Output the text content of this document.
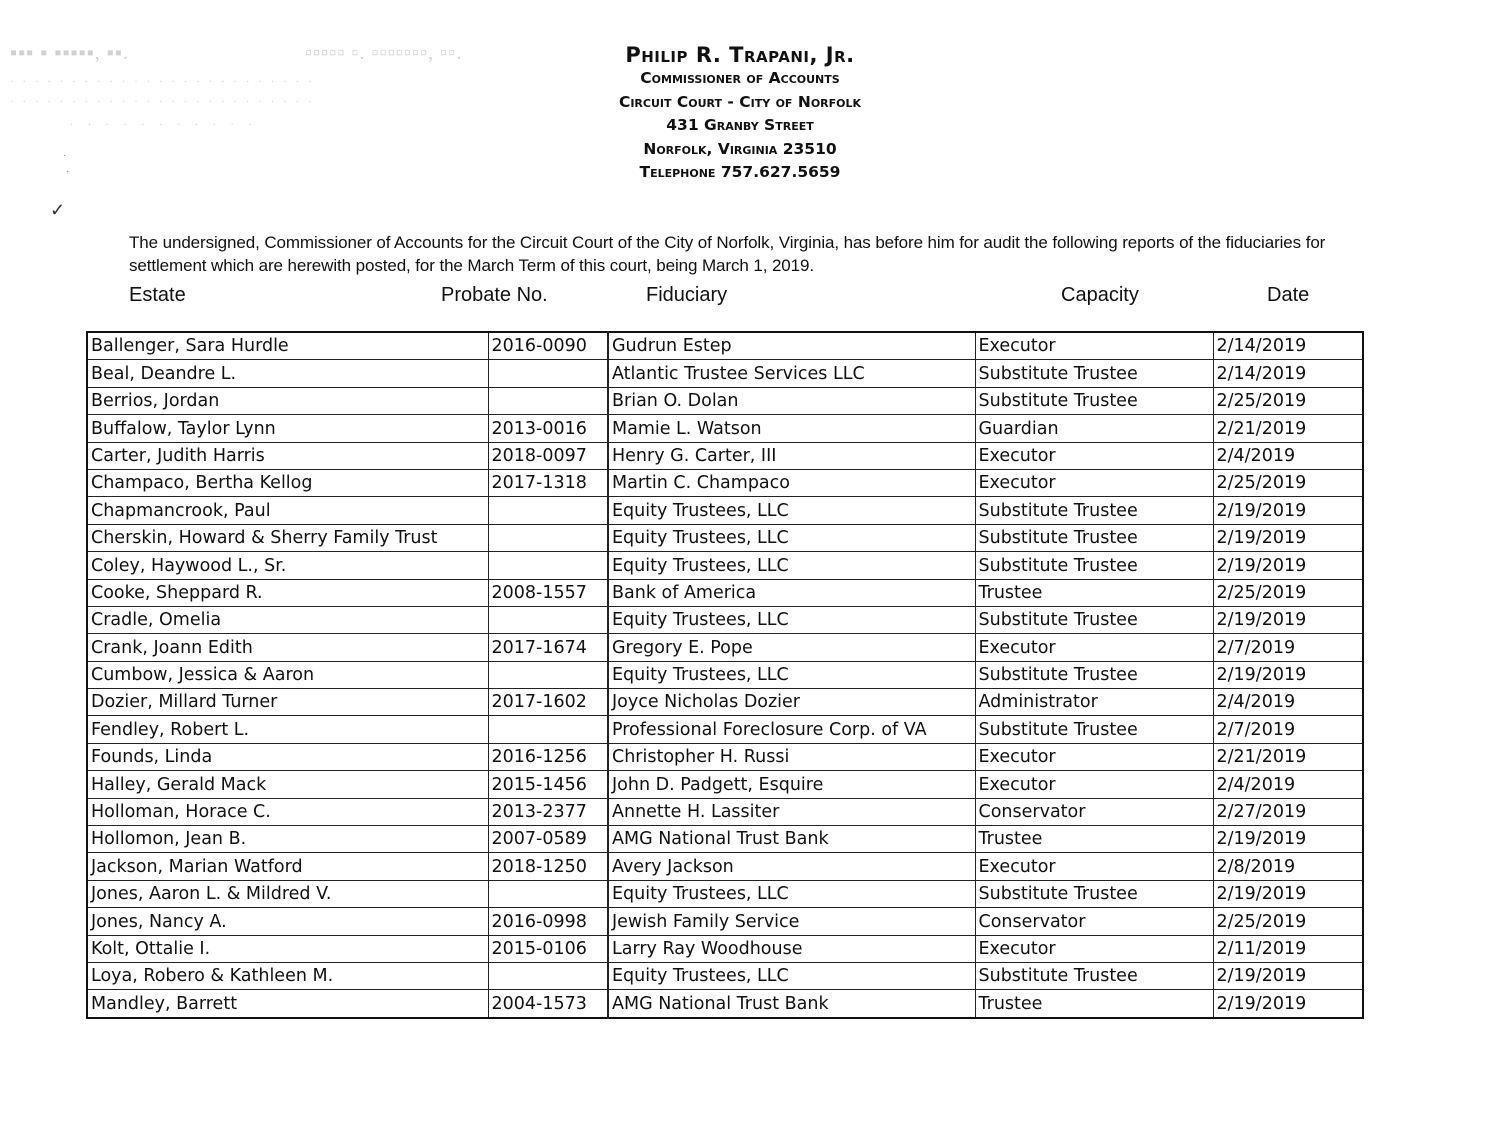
▪▪▪ ▪ ▪▪▪▪▪, ▪▪.	▫▫▫▫▫ ▫. ▫▫▫▫▫▫▫, ▫▫.
· · · · · · · · · · · · · · · · · · · · · · · · ·
· · · · · · · · · · · · · · · · · · · · · · · · ·
· · · · · · · · · · ·
✓
·
·
Philip R. Trapani, Jr.
Commissioner of Accounts
Circuit Court - City of Norfolk
431 Granby Street
Norfolk, Virginia 23510
Telephone 757.627.5659

The undersigned, Commissioner of Accounts for the Circuit Court of the City of Norfolk, Virginia, has before him for audit the following reports of the fiduciaries for settlement which are herewith posted, for the March Term of this court, being March 1, 2019.

Estate	Probate No.	Fiduciary	Capacity	Date
Ballenger, Sara Hurdle	2016-0090	Gudrun Estep	Executor	2/14/2019
Beal, Deandre L.		Atlantic Trustee Services LLC	Substitute Trustee	2/14/2019
Berrios, Jordan		Brian O. Dolan	Substitute Trustee	2/25/2019
Buffalow, Taylor Lynn	2013-0016	Mamie L. Watson	Guardian	2/21/2019
Carter, Judith Harris	2018-0097	Henry G. Carter, III	Executor	2/4/2019
Champaco, Bertha Kellog	2017-1318	Martin C. Champaco	Executor	2/25/2019
Chapmancrook, Paul		Equity Trustees, LLC	Substitute Trustee	2/19/2019
Cherskin, Howard & Sherry Family Trust		Equity Trustees, LLC	Substitute Trustee	2/19/2019
Coley, Haywood L., Sr.		Equity Trustees, LLC	Substitute Trustee	2/19/2019
Cooke, Sheppard R.	2008-1557	Bank of America	Trustee	2/25/2019
Cradle, Omelia		Equity Trustees, LLC	Substitute Trustee	2/19/2019
Crank, Joann Edith	2017-1674	Gregory E. Pope	Executor	2/7/2019
Cumbow, Jessica & Aaron		Equity Trustees, LLC	Substitute Trustee	2/19/2019
Dozier, Millard Turner	2017-1602	Joyce Nicholas Dozier	Administrator	2/4/2019
Fendley, Robert L.		Professional Foreclosure Corp. of VA	Substitute Trustee	2/7/2019
Founds, Linda	2016-1256	Christopher H. Russi	Executor	2/21/2019
Halley, Gerald Mack	2015-1456	John D. Padgett, Esquire	Executor	2/4/2019
Holloman, Horace C.	2013-2377	Annette H. Lassiter	Conservator	2/27/2019
Hollomon, Jean B.	2007-0589	AMG National Trust Bank	Trustee	2/19/2019
Jackson, Marian Watford	2018-1250	Avery Jackson	Executor	2/8/2019
Jones, Aaron L. & Mildred V.		Equity Trustees, LLC	Substitute Trustee	2/19/2019
Jones, Nancy A.	2016-0998	Jewish Family Service	Conservator	2/25/2019
Kolt, Ottalie I.	2015-0106	Larry Ray Woodhouse	Executor	2/11/2019
Loya, Robero & Kathleen M.		Equity Trustees, LLC	Substitute Trustee	2/19/2019
Mandley, Barrett	2004-1573	AMG National Trust Bank	Trustee	2/19/2019
